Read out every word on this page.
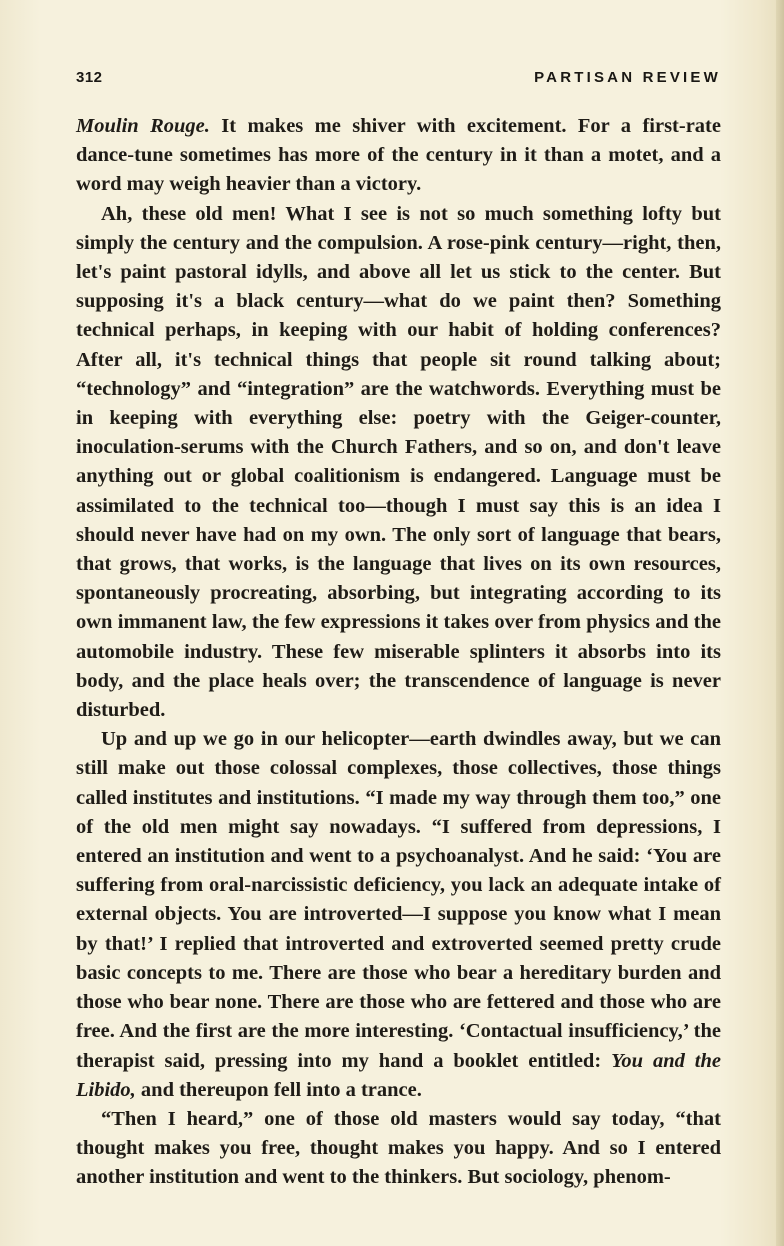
312	PARTISAN REVIEW

Moulin Rouge. It makes me shiver with excitement. For a first-rate dance-tune sometimes has more of the century in it than a motet, and a word may weigh heavier than a victory.

Ah, these old men! What I see is not so much something lofty but simply the century and the compulsion. A rose-pink century—right, then, let's paint pastoral idylls, and above all let us stick to the center. But supposing it's a black century—what do we paint then? Something technical perhaps, in keeping with our habit of holding conferences? After all, it's technical things that people sit round talking about; “technology” and “integration” are the watchwords. Everything must be in keeping with everything else: poetry with the Geiger-counter, inoculation-serums with the Church Fathers, and so on, and don't leave anything out or global coalitionism is endangered. Language must be assimilated to the technical too—though I must say this is an idea I should never have had on my own. The only sort of language that bears, that grows, that works, is the language that lives on its own resources, spontaneously procreating, absorbing, but integrating according to its own immanent law, the few expressions it takes over from physics and the automobile industry. These few miserable splinters it absorbs into its body, and the place heals over; the transcendence of language is never disturbed.

Up and up we go in our helicopter—earth dwindles away, but we can still make out those colossal complexes, those collectives, those things called institutes and institutions. “I made my way through them too,” one of the old men might say nowadays. “I suffered from depressions, I entered an institution and went to a psychoanalyst. And he said: ‘You are suffering from oral-narcissistic deficiency, you lack an adequate intake of external objects. You are introverted—I suppose you know what I mean by that!’ I replied that introverted and extroverted seemed pretty crude basic concepts to me. There are those who bear a hereditary burden and those who bear none. There are those who are fettered and those who are free. And the first are the more interesting. ‘Contactual insufficiency,’ the therapist said, pressing into my hand a booklet entitled: You and the Libido, and thereupon fell into a trance.

“Then I heard,” one of those old masters would say today, “that thought makes you free, thought makes you happy. And so I entered another institution and went to the thinkers. But sociology, phenom-
